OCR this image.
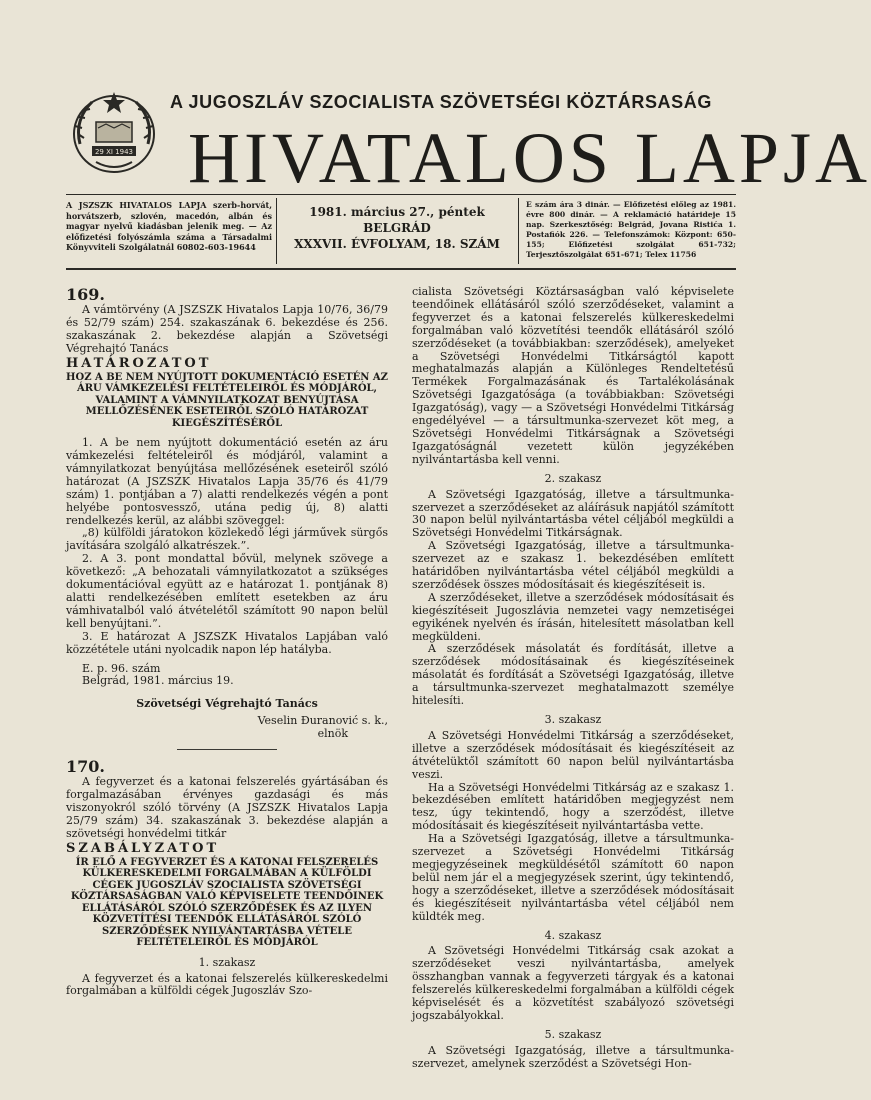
29 XI 1943
A JUGOSZLÁV SZOCIALISTA SZÖVETSÉGI KÖZTÁRSASÁG
HIVATALOS LAPJA
A JSZSZK HIVATALOS LAPJA szerb-horvát, horvátszerb, szlovén, macedón, albán és magyar nyelvű kiadásban jelenik meg. — Az előfizetési folyószámla száma a Társadalmi Könyvviteli Szolgálatnál 60802-603-19644
1981. március 27., péntek
BELGRÁD
XXXVII. ÉVFOLYAM, 18. SZÁM
E szám ára 3 dinár. — Előfizetési előleg az 1981. évre 800 dinár. — A reklamáció határideje 15 nap. Szerkesztőség: Belgrád, Jovana Ristića 1. Postafiók 226. — Telefonszámok: Központ: 650-155; Előfizetési szolgálat 651-732; Terjesztőszolgálat 651-671; Telex 11756

169.

A vámtörvény (A JSZSZK Hivatalos Lapja 10/76, 36/79 és 52/79 szám) 254. szakaszának 6. bekezdése és 256. szakaszának 2. bekezdése alapján a Szövetségi Végrehajtó Tanács

HATÁROZATOT

HOZ A BE NEM NYÚJTOTT DOKUMENTÁCIÓ ESETÉN AZ ÁRU VÁMKEZELÉSI FELTÉTELEIRŐL ÉS MÓDJÁRÓL, VALAMINT A VÁMNYILATKOZAT BENYÚJTÁSA MELLŐZÉSÉNEK ESETEIRŐL SZÓLÓ HATÁROZAT KIEGÉSZÍTÉSÉRŐL

1. A be nem nyújtott dokumentáció esetén az áru vámkezelési feltételeiről és módjáról, valamint a vámnyilatkozat benyújtása mellőzésének eseteiről szóló határozat (A JSZSZK Hivatalos Lapja 35/76 és 41/79 szám) 1. pontjában a 7) alatti rendelkezés végén a pont helyébe pontosvessző, utána pedig új, 8) alatti rendelkezés kerül, az alábbi szöveggel:

„8) külföldi járatokon közlekedő légi járművek sürgős javítására szolgáló alkatrészek.”.

2. A 3. pont mondattal bővül, melynek szövege a következő: „A behozatali vámnyilatkozatot a szükséges dokumentációval együtt az e határozat 1. pontjának 8) alatti rendelkezésében említett esetekben az áru vámhivatalból való átvételétől számított 90 napon belül kell benyújtani.”.

3. E határozat A JSZSZK Hivatalos Lapjában való közzététele utáni nyolcadik napon lép hatályba.

E. p. 96. szám

Belgrád, 1981. március 19.

Szövetségi Végrehajtó Tanács

Veselin Đuranović s. k.,

elnök

170.

A fegyverzet és a katonai felszerelés gyártásában és forgalmazásában érvényes gazdasági és más viszonyokról szóló törvény (A JSZSZK Hivatalos Lapja 25/79 szám) 34. szakaszának 3. bekezdése alapján a szövetségi honvédelmi titkár

SZABÁLYZATOT

ÍR ELŐ A FEGYVERZET ÉS A KATONAI FELSZERELÉS KÜLKERESKEDELMI FORGALMÁBAN A KÜLFÖLDI CÉGEK JUGOSZLÁV SZOCIALISTA SZÖVETSÉGI KÖZTÁRSASÁGBAN VALÓ KÉPVISELETE TEENDŐINEK ELLÁTÁSÁRÓL SZÓLÓ SZERZŐDÉSEK ÉS AZ ILYEN KÖZVETÍTÉSI TEENDŐK ELLÁTÁSÁRÓL SZÓLÓ SZERZŐDÉSEK NYILVÁNTARTÁSBA VÉTELE FELTÉTELEIRŐL ÉS MÓDJÁRÓL

1. szakasz

A fegyverzet és a katonai felszerelés külkereskedelmi forgalmában a külföldi cégek Jugoszláv Szo-

cialista Szövetségi Köztársaságban való képviselete teendőinek ellátásáról szóló szerződéseket, valamint a fegyverzet és a katonai felszerelés külkereskedelmi forgalmában való közvetítési teendők ellátásáról szóló szerződéseket (a továbbiakban: szerződések), amelyeket a Szövetségi Honvédelmi Titkárságtól kapott meghatalmazás alapján a Különleges Rendeltetésű Termékek Forgalmazásának és Tartalékolásának Szövetségi Igazgatósága (a továbbiakban: Szövetségi Igazgatóság), vagy — a Szövetségi Honvédelmi Titkárság engedélyével — a társultmunka-szervezet köt meg, a Szövetségi Honvédelmi Titkárságnak a Szövetségi Igazgatóságnál vezetett külön jegyzékében nyilvántartásba kell venni.

2. szakasz

A Szövetségi Igazgatóság, illetve a társultmunka-szervezet a szerződéseket az aláírásuk napjától számított 30 napon belül nyilvántartásba vétel céljából megküldi a Szövetségi Honvédelmi Titkárságnak.

A Szövetségi Igazgatóság, illetve a társultmunka-szervezet az e szakasz 1. bekezdésében említett határidőben nyilvántartásba vétel céljából megküldi a szerződések összes módosításait és kiegészítéseit is.

A szerződéseket, illetve a szerződések módosításait és kiegészítéseit Jugoszlávia nemzetei vagy nemzetiségei egyikének nyelvén és írásán, hitelesített másolatban kell megküldeni.

A szerződések másolatát és fordítását, illetve a szerződések módosításainak és kiegészítéseinek másolatát és fordítását a Szövetségi Igazgatóság, illetve a társultmunka-szervezet meghatalmazott személye hitelesíti.

3. szakasz

A Szövetségi Honvédelmi Titkárság a szerződéseket, illetve a szerződések módosításait és kiegészítéseit az átvételüktől számított 60 napon belül nyilvántartásba veszi.

Ha a Szövetségi Honvédelmi Titkárság az e szakasz 1. bekezdésében említett határidőben megjegyzést nem tesz, úgy tekintendő, hogy a szerződést, illetve módosításait és kiegészítéseit nyilvántartásba vette.

Ha a Szövetségi Igazgatóság, illetve a társultmunka-szervezet a Szövetségi Honvédelmi Titkárság megjegyzéseinek megküldésétől számított 60 napon belül nem jár el a megjegyzések szerint, úgy tekintendő, hogy a szerződéseket, illetve a szerződések módosításait és kiegészítéseit nyilvántartásba vétel céljából nem küldték meg.

4. szakasz

A Szövetségi Honvédelmi Titkárság csak azokat a szerződéseket veszi nyilvántartásba, amelyek összhangban vannak a fegyverzeti tárgyak és a katonai felszerelés külkereskedelmi forgalmában a külföldi cégek képviselését és a közvetítést szabályozó szövetségi jogszabályokkal.

5. szakasz

A Szövetségi Igazgatóság, illetve a társultmunka-szervezet, amelynek szerződést a Szövetségi Hon-
